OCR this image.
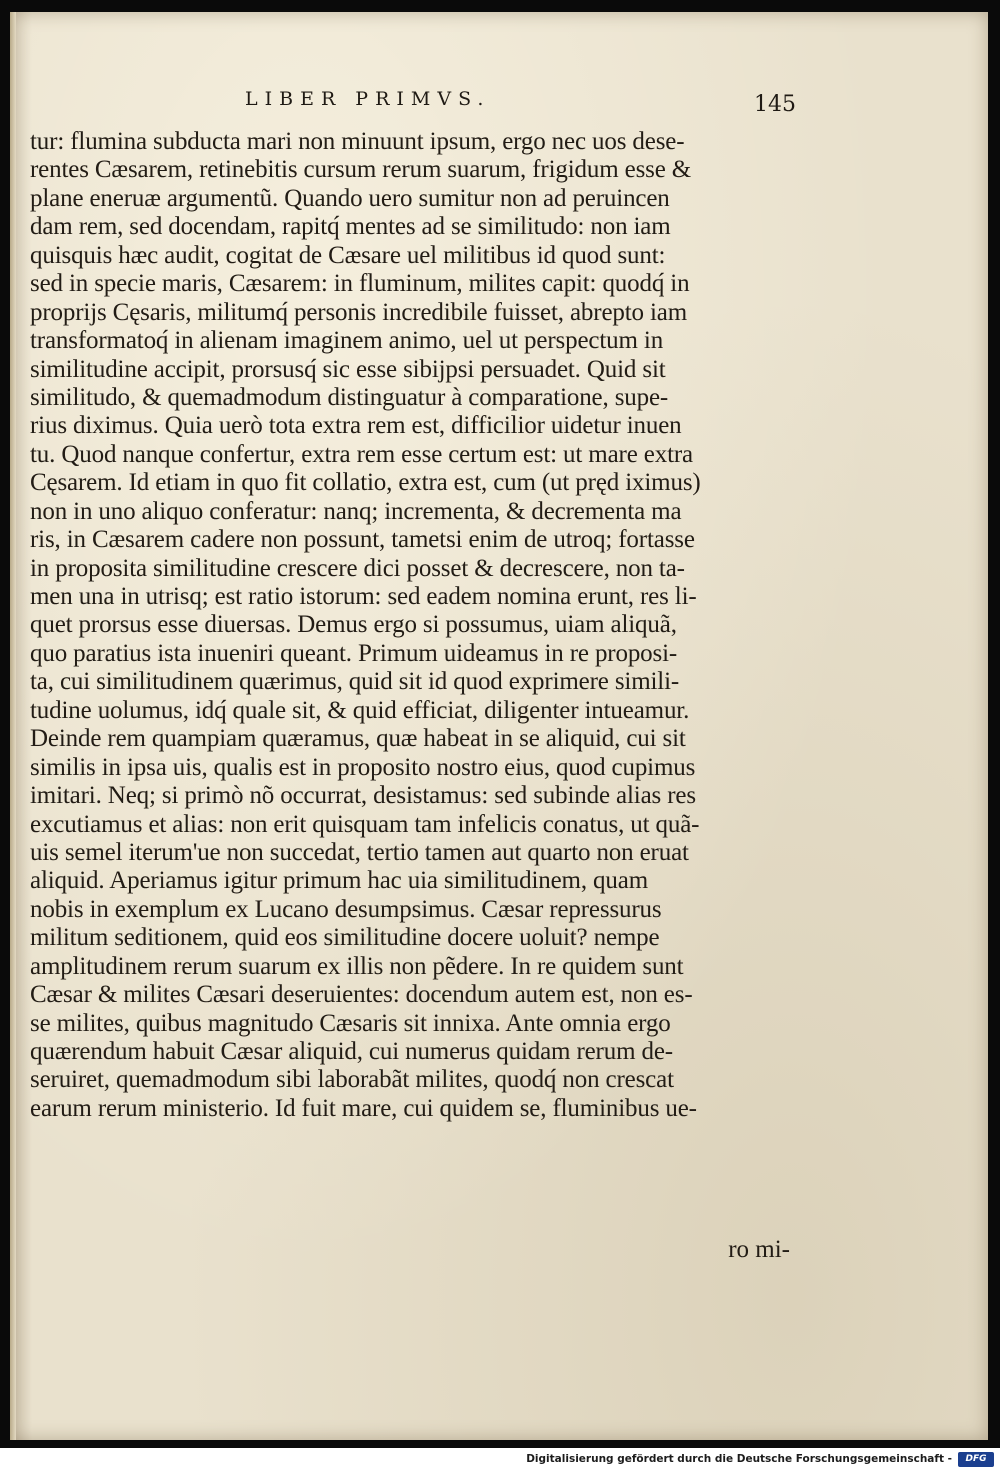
LIBER PRIMVS.	145
tur: flumina subducta mari non minuunt ipsum, ergo nec uos dese-
rentes Cæsarem, retinebitis cursum rerum suarum, frigidum esse &
plane eneruæ argumentũ. Quando uero sumitur non ad peruincen
dam rem, sed docendam, rapitq́ mentes ad se similitudo: non iam
quisquis hæc audit, cogitat de Cæsare uel militibus id quod sunt:
sed in specie maris, Cæsarem: in fluminum, milites capit: quodq́ in
proprijs Cęsaris, militumq́ personis incredibile fuisset, abrepto iam
transformatoq́ in alienam imaginem animo, uel ut perspectum in
similitudine accipit, prorsusq́ sic esse sibijpsi persuadet. Quid sit
similitudo, & quemadmodum distinguatur à comparatione, supe-
rius diximus. Quia uerò tota extra rem est, difficilior uidetur inuen
tu. Quod nanque confertur, extra rem esse certum est: ut mare extra
Cęsarem. Id etiam in quo fit collatio, extra est, cum (ut pręd iximus)
non in uno aliquo conferatur: nanq; incrementa, & decrementa ma
ris, in Cæsarem cadere non possunt, tametsi enim de utroq; fortasse
in proposita similitudine crescere dici posset & decrescere, non ta-
men una in utrisq; est ratio istorum: sed eadem nomina erunt, res li-
quet prorsus esse diuersas. Demus ergo si possumus, uiam aliquã,
quo paratius ista inueniri queant. Primum uideamus in re proposi-
ta, cui similitudinem quærimus, quid sit id quod exprimere simili-
tudine uolumus, idq́ quale sit, & quid efficiat, diligenter intueamur.
Deinde rem quampiam quæramus, quæ habeat in se aliquid, cui sit
similis in ipsa uis, qualis est in proposito nostro eius, quod cupimus
imitari. Neq; si primò nõ occurrat, desistamus: sed subinde alias res
excutiamus et alias: non erit quisquam tam infelicis conatus, ut quã-
uis semel iterum'ue non succedat, tertio tamen aut quarto non eruat
aliquid. Aperiamus igitur primum hac uia similitudinem, quam
nobis in exemplum ex Lucano desumpsimus. Cæsar repressurus
militum seditionem, quid eos similitudine docere uoluit? nempe
amplitudinem rerum suarum ex illis non pẽdere. In re quidem sunt
Cæsar & milites Cæsari deseruientes: docendum autem est, non es-
se milites, quibus magnitudo Cæsaris sit innixa. Ante omnia ergo
quærendum habuit Cæsar aliquid, cui numerus quidam rerum de-
seruiret, quemadmodum sibi laborabãt milites, quodq́ non crescat
earum rerum ministerio. Id fuit mare, cui quidem se, fluminibus ue-
ro mi-
Digitalisierung gefördert durch die Deutsche Forschungsgemeinschaft -	DFG
